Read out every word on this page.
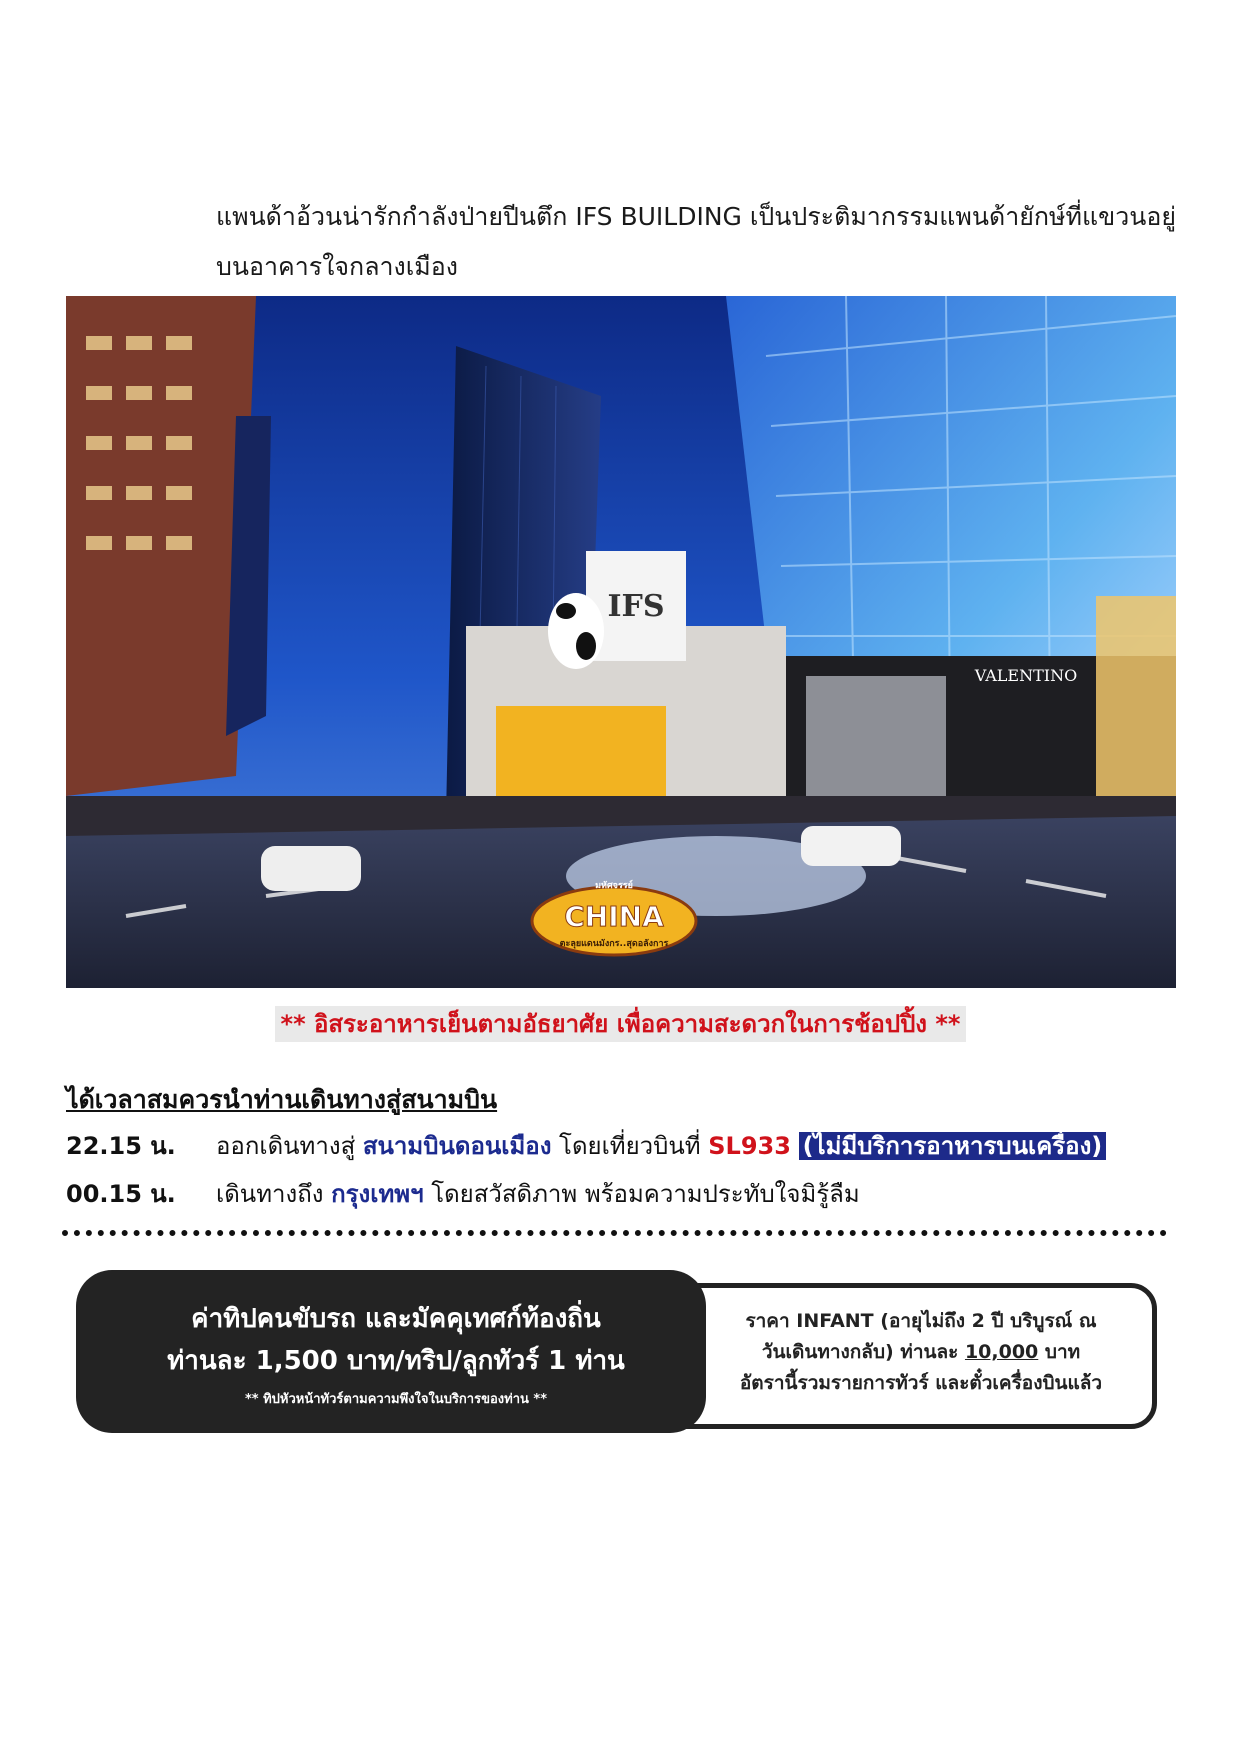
แพนด้าอ้วนน่ารักกำลังป่ายปีนตึก IFS BUILDING เป็นประติมากรรมแพนด้ายักษ์ที่แขวนอยู่บนอาคารใจกลางเมือง
IFS
VALENTINO
มหัศจรรย์
CHINA
ตะลุยแดนมังกร..สุดอลังการ
** อิสระอาหารเย็นตามอัธยาศัย เพื่อความสะดวกในการช้อปปิ้ง **
ได้เวลาสมควรนำท่านเดินทางสู่สนามบิน
22.15 น. ออกเดินทางสู่ สนามบินดอนเมือง โดยเที่ยวบินที่ SL933 (ไม่มีบริการอาหารบนเครื่อง)
00.15 น. เดินทางถึง กรุงเทพฯ โดยสวัสดิภาพ พร้อมความประทับใจมิรู้ลืม
ราคา INFANT (อายุไม่ถึง 2 ปี บริบูรณ์ ณ
วันเดินทางกลับ) ท่านละ 10,000 บาท
อัตรานี้รวมรายการทัวร์ และตั๋วเครื่องบินแล้ว
ค่าทิปคนขับรถ และมัคคุเทศก์ท้องถิ่น
ท่านละ 1,500 บาท/ทริป/ลูกทัวร์ 1 ท่าน
** ทิปหัวหน้าทัวร์ตามความพึงใจในบริการของท่าน **
